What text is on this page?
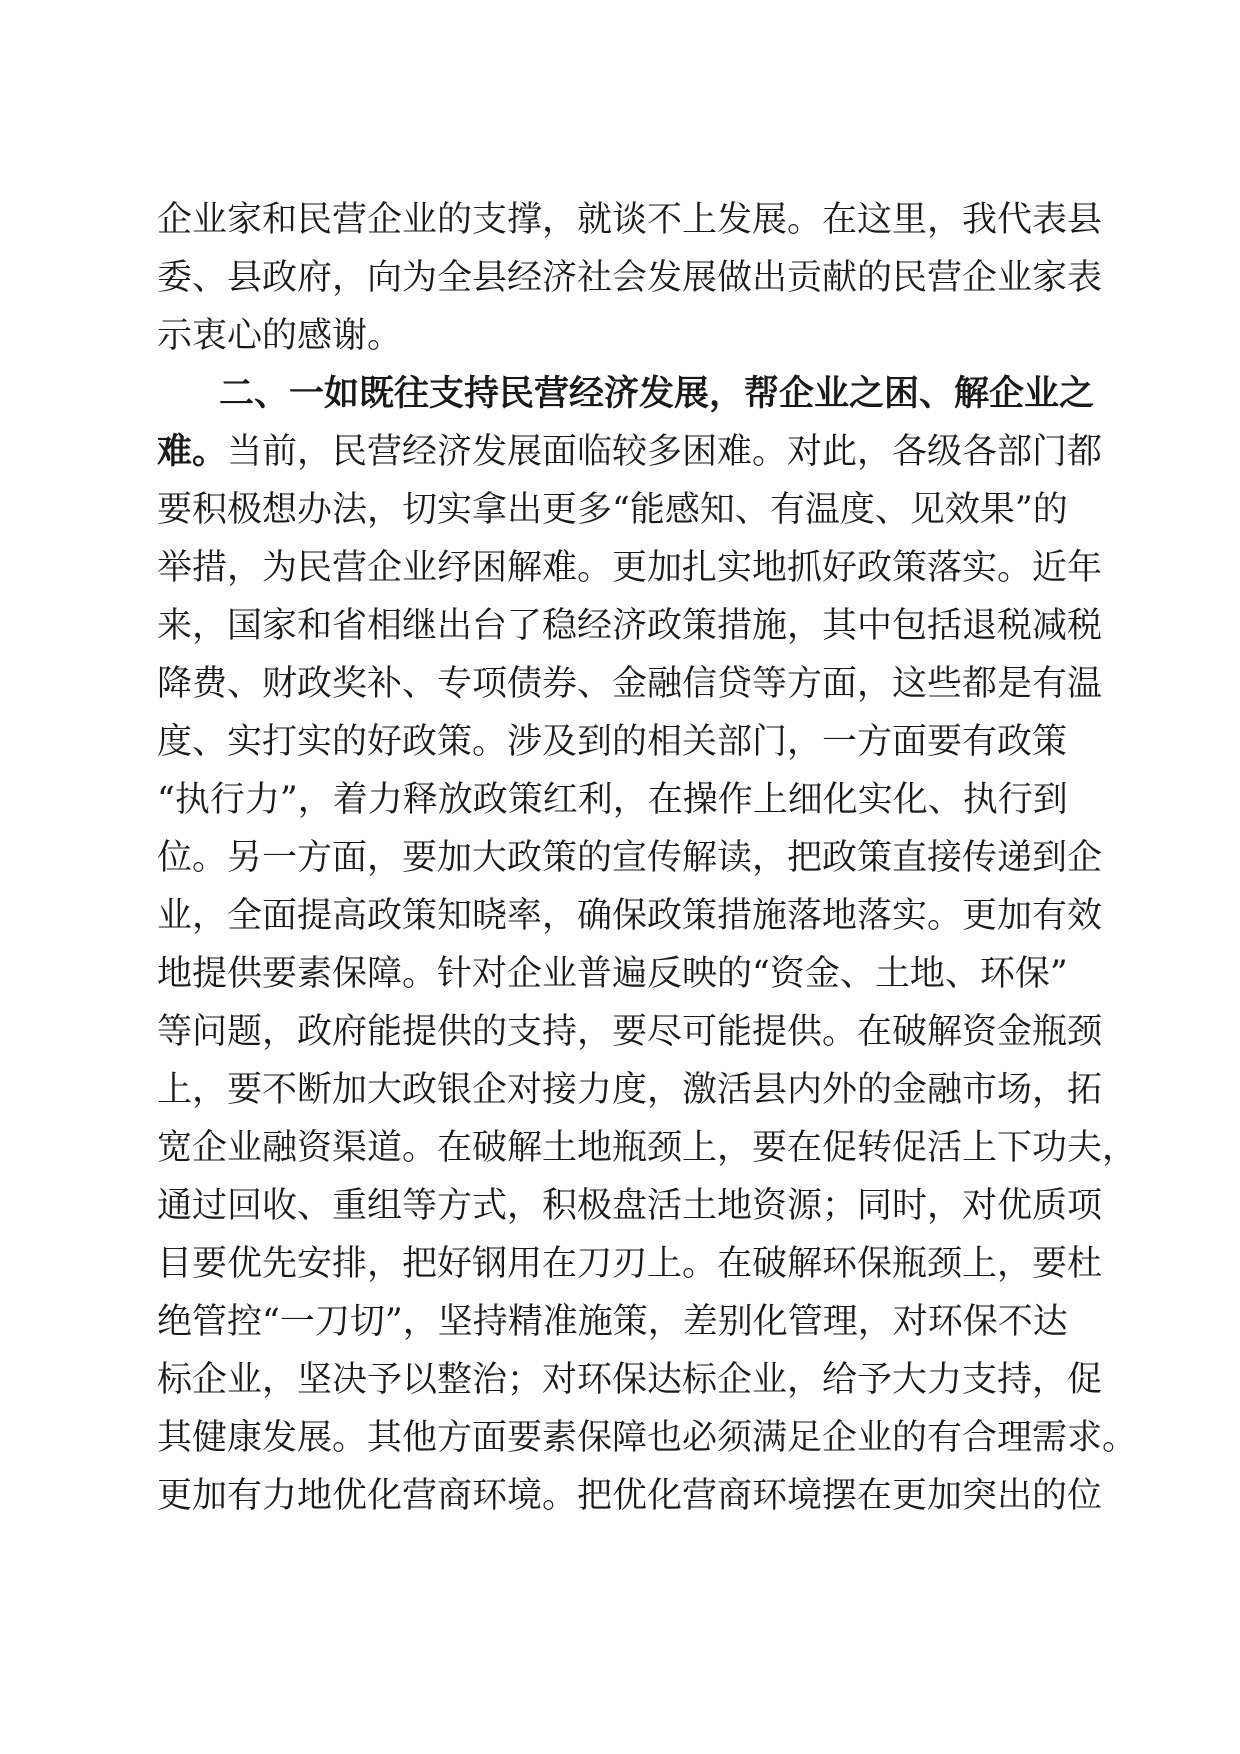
企业家和民营企业的支撑，就谈不上发展。在这里，我代表县
委、县政府，向为全县经济社会发展做出贡献的民营企业家表
示衷心的感谢。
二、一如既往支持民营经济发展，帮企业之困、解企业之
难。当前，民营经济发展面临较多困难。对此，各级各部门都
要积极想办法，切实拿出更多“能感知、有温度、见效果”的
举措，为民营企业纾困解难。更加扎实地抓好政策落实。近年
来，国家和省相继出台了稳经济政策措施，其中包括退税减税
降费、财政奖补、专项债券、金融信贷等方面，这些都是有温
度、实打实的好政策。涉及到的相关部门，一方面要有政策
“执行力”，着力释放政策红利，在操作上细化实化、执行到
位。另一方面，要加大政策的宣传解读，把政策直接传递到企
业，全面提高政策知晓率，确保政策措施落地落实。更加有效
地提供要素保障。针对企业普遍反映的“资金、土地、环保”
等问题，政府能提供的支持，要尽可能提供。在破解资金瓶颈
上，要不断加大政银企对接力度，激活县内外的金融市场，拓
宽企业融资渠道。在破解土地瓶颈上，要在促转促活上下功夫，
通过回收、重组等方式，积极盘活土地资源；同时，对优质项
目要优先安排，把好钢用在刀刃上。在破解环保瓶颈上，要杜
绝管控“一刀切”，坚持精准施策，差别化管理，对环保不达
标企业，坚决予以整治；对环保达标企业，给予大力支持，促
其健康发展。其他方面要素保障也必须满足企业的有合理需求。
更加有力地优化营商环境。把优化营商环境摆在更加突出的位
